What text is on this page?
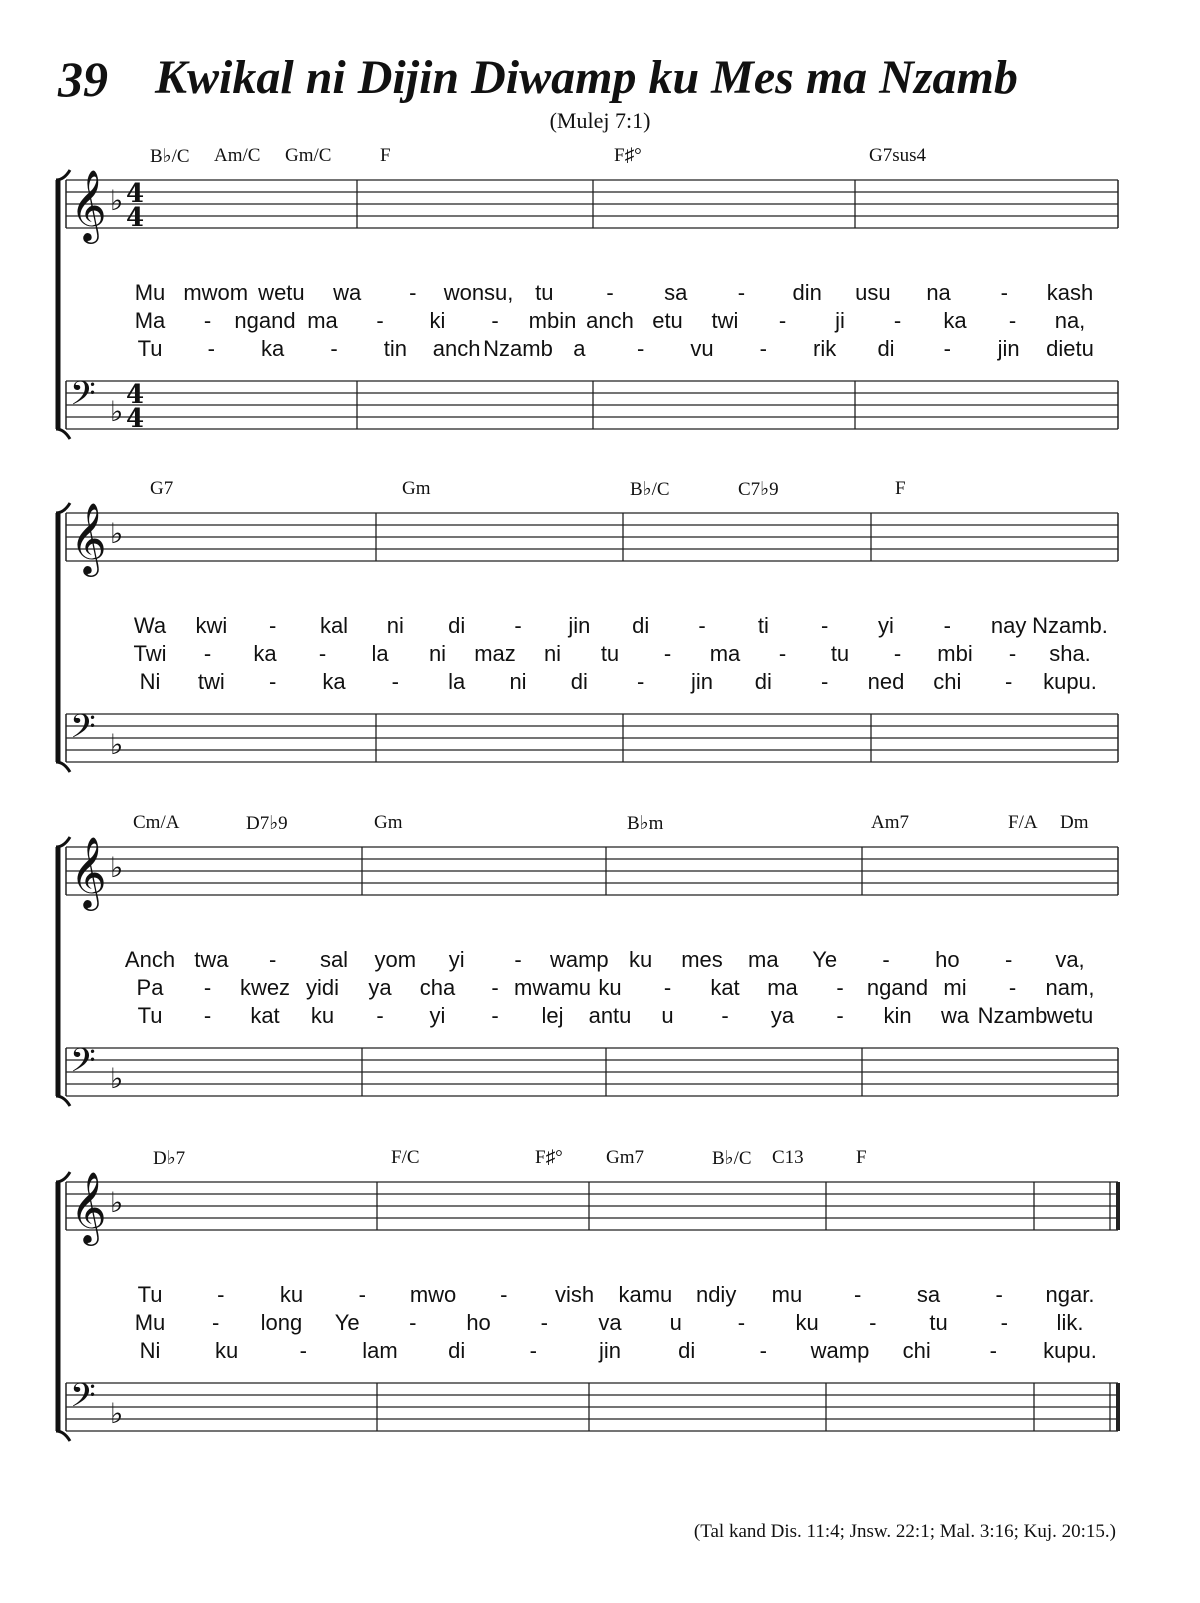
39 Kwikal ni Dijin Diwamp ku Mes ma Nzamb
(Mulej 7:1)
𝄞 ♭ 4
4
𝄢 ♭ 4
4
B♭/C Am/C Gm/C	F	F♯°	G7sus4
Mu mwom wetu wa - wonsu, tu - sa - din usu na - kash
Ma - ngand ma - ki - mbin anch etu twi - ji - ka - na,
Tu - ka - tin anch Nzamb a - vu - rik di - jin dietu
𝄞 ♭
𝄢 ♭
G7	Gm	B♭/C	C7♭9	F
Wa kwi - kal ni di - jin di - ti - yi - nay Nzamb.
Twi - ka - la ni maz ni tu - ma - tu - mbi - sha.
Ni twi - ka - la ni di - jin di - ned chi - kupu.
𝄞 ♭
𝄢 ♭
Cm/A	D7♭9	Gm	B♭m	Am7	F/A Dm
Anch twa - sal yom yi - wamp ku mes ma Ye - ho - va,
Pa - kwez yidi ya cha - mwamu ku - kat ma - ngand mi - nam,
Tu - kat ku - yi - lej antu u - ya - kin wa Nzamb wetu
𝄞 ♭
𝄢 ♭
D♭7	F/C	F♯° Gm7	B♭/C C13	F
Tu -	ku	- mwo - vish kamu ndiy mu -	sa	- ngar.
Mu - long Ye - ho - va u	- ku - tu - lik.
Ni ku	-	lam di	-	jin	di	- wamp chi	- kupu.
(Tal kand Dis. 11:4; Jnsw. 22:1; Mal. 3:16; Kuj. 20:15.)
